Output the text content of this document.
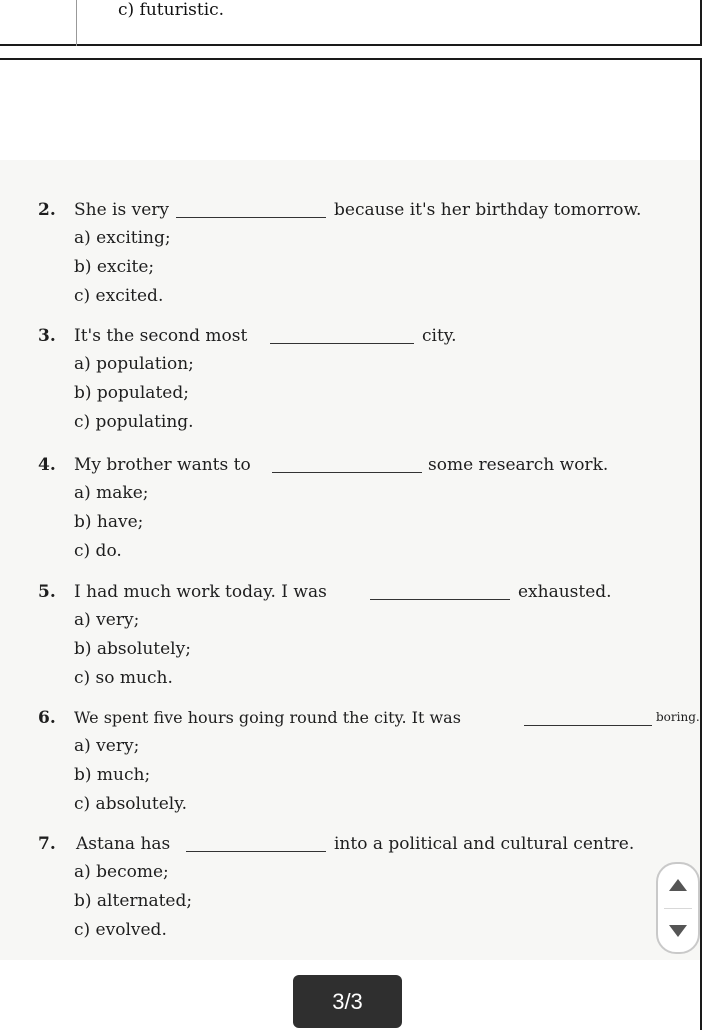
c) futuristic.
2. She is very	because it's her birthday tomorrow.
a) exciting;
b) excite;
c) excited.
3. It's the second most	city.
a) population;
b) populated;
c) populating.
4. My brother wants to	some research work.
a) make;
b) have;
c) do.
5. I had much work today. I was	exhausted.
a) very;
b) absolutely;
c) so much.
6. We spent five hours going round the city. It was	boring.
a) very;
b) much;
c) absolutely.
7. Astana has	into a political and cultural centre.
a) become;
b) alternated;
c) evolved.
3/3
